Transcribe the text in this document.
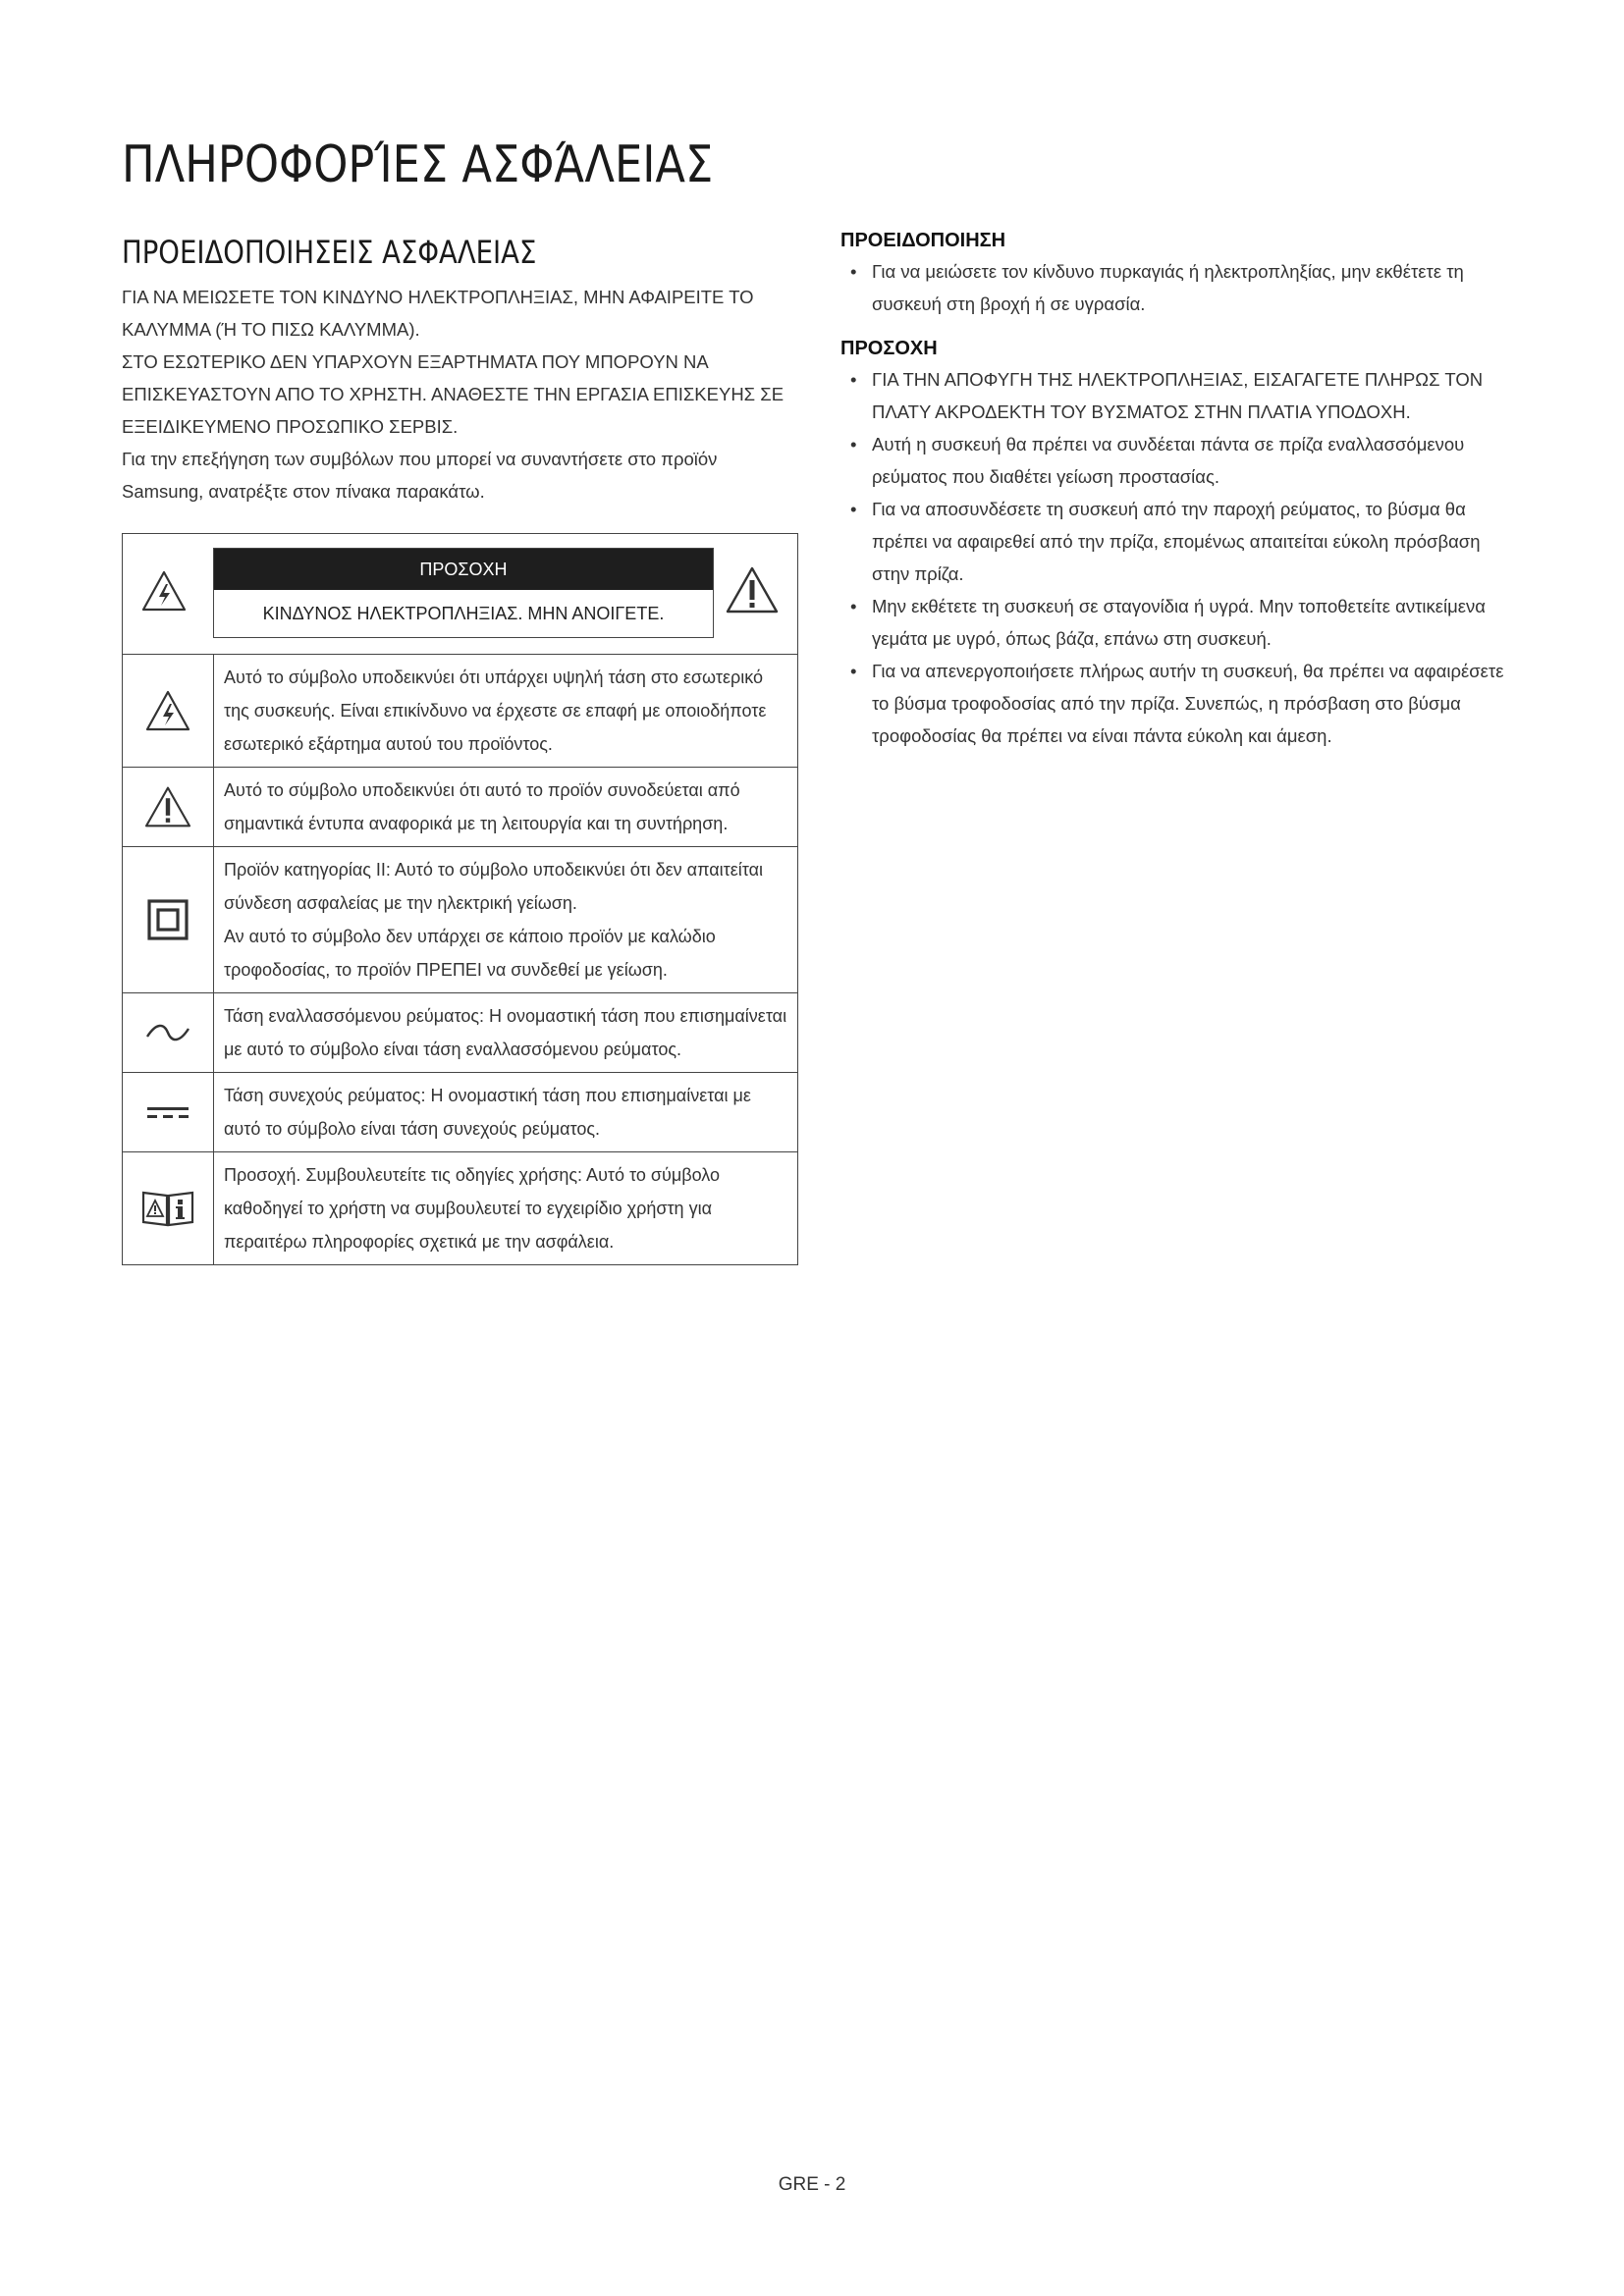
ΠΛΗΡΟΦΟΡΊΕΣ ΑΣΦΆΛΕΙΑΣ
ΠΡΟΕΙΔΟΠΟΙΗΣΕΙΣ ΑΣΦΑΛΕΙΑΣ

ΓΙΑ ΝΑ ΜΕΙΩΣΕΤΕ ΤΟΝ ΚΙΝΔΥΝΟ ΗΛΕΚΤΡΟΠΛΗΞΙΑΣ, ΜΗΝ ΑΦΑΙΡΕΙΤΕ ΤΟ ΚΑΛΥΜΜΑ (Ή ΤΟ ΠΙΣΩ ΚΑΛΥΜΜΑ).

ΣΤΟ ΕΣΩΤΕΡΙΚΟ ΔΕΝ ΥΠΑΡΧΟΥΝ ΕΞΑΡΤΗΜΑΤΑ ΠΟΥ ΜΠΟΡΟΥΝ ΝΑ ΕΠΙΣΚΕΥΑΣΤΟΥΝ ΑΠΟ ΤΟ ΧΡΗΣΤΗ. ΑΝΑΘΕΣΤΕ ΤΗΝ ΕΡΓΑΣΙΑ ΕΠΙΣΚΕΥΗΣ ΣΕ ΕΞΕΙΔΙΚΕΥΜΕΝΟ ΠΡΟΣΩΠΙΚΟ ΣΕΡΒΙΣ.

Για την επεξήγηση των συμβόλων που μπορεί να συναντήσετε στο προϊόν Samsung, ανατρέξτε στον πίνακα παρακάτω.

ΠΡΟΣΟΧΗ
ΚΙΝΔΥΝΟΣ ΗΛΕΚΤΡΟΠΛΗΞΙΑΣ. ΜΗΝ ΑΝΟΙΓΕΤΕ.	

	Αυτό το σύμβολο υποδεικνύει ότι υπάρχει υψηλή τάση στο εσωτερικό της συσκευής. Είναι επικίνδυνο να έρχεστε σε επαφή με οποιοδήποτε εσωτερικό εξάρτημα αυτού του προϊόντος.
	Αυτό το σύμβολο υποδεικνύει ότι αυτό το προϊόν συνοδεύεται από σημαντικά έντυπα αναφορικά με τη λειτουργία και τη συντήρηση.

Προϊόν κατηγορίας ΙΙ: Αυτό το σύμβολο υποδεικνύει ότι δεν απαιτείται σύνδεση ασφαλείας με την ηλεκτρική γείωση.
Αν αυτό το σύμβολο δεν υπάρχει σε κάποιο προϊόν με καλώδιο τροφοδοσίας, το προϊόν ΠΡΕΠΕΙ να συνδεθεί με γείωση.

	Τάση εναλλασσόμενου ρεύματος: Η ονομαστική τάση που επισημαίνεται με αυτό το σύμβολο είναι τάση εναλλασσόμενου ρεύματος.
	Τάση συνεχούς ρεύματος: Η ονομαστική τάση που επισημαίνεται με αυτό το σύμβολο είναι τάση συνεχούς ρεύματος.
	Προσοχή. Συμβουλευτείτε τις οδηγίες χρήσης: Αυτό το σύμβολο καθοδηγεί το χρήστη να συμβουλευτεί το εγχειρίδιο χρήστη για περαιτέρω πληροφορίες σχετικά με την ασφάλεια.
ΠΡΟΕΙΔΟΠΟΙΗΣΗ
• Για να μειώσετε τον κίνδυνο πυρκαγιάς ή ηλεκτροπληξίας, μην εκθέτετε τη συσκευή στη βροχή ή σε υγρασία.
ΠΡΟΣΟΧΗ
• ΓΙΑ ΤΗΝ ΑΠΟΦΥΓΗ ΤΗΣ ΗΛΕΚΤΡΟΠΛΗΞΙΑΣ, ΕΙΣΑΓΑΓΕΤΕ ΠΛΗΡΩΣ ΤΟΝ ΠΛΑΤΥ ΑΚΡΟΔΕΚΤΗ ΤΟΥ ΒΥΣΜΑΤΟΣ ΣΤΗΝ ΠΛΑΤΙΑ ΥΠΟΔΟΧΗ.
• Αυτή η συσκευή θα πρέπει να συνδέεται πάντα σε πρίζα εναλλασσόμενου ρεύματος που διαθέτει γείωση προστασίας.
• Για να αποσυνδέσετε τη συσκευή από την παροχή ρεύματος, το βύσμα θα πρέπει να αφαιρεθεί από την πρίζα, επομένως απαιτείται εύκολη πρόσβαση στην πρίζα.
• Μην εκθέτετε τη συσκευή σε σταγονίδια ή υγρά. Μην τοποθετείτε αντικείμενα γεμάτα με υγρό, όπως βάζα, επάνω στη συσκευή.
• Για να απενεργοποιήσετε πλήρως αυτήν τη συσκευή, θα πρέπει να αφαιρέσετε το βύσμα τροφοδοσίας από την πρίζα. Συνεπώς, η πρόσβαση στο βύσμα τροφοδοσίας θα πρέπει να είναι πάντα εύκολη και άμεση.
GRE - 2
